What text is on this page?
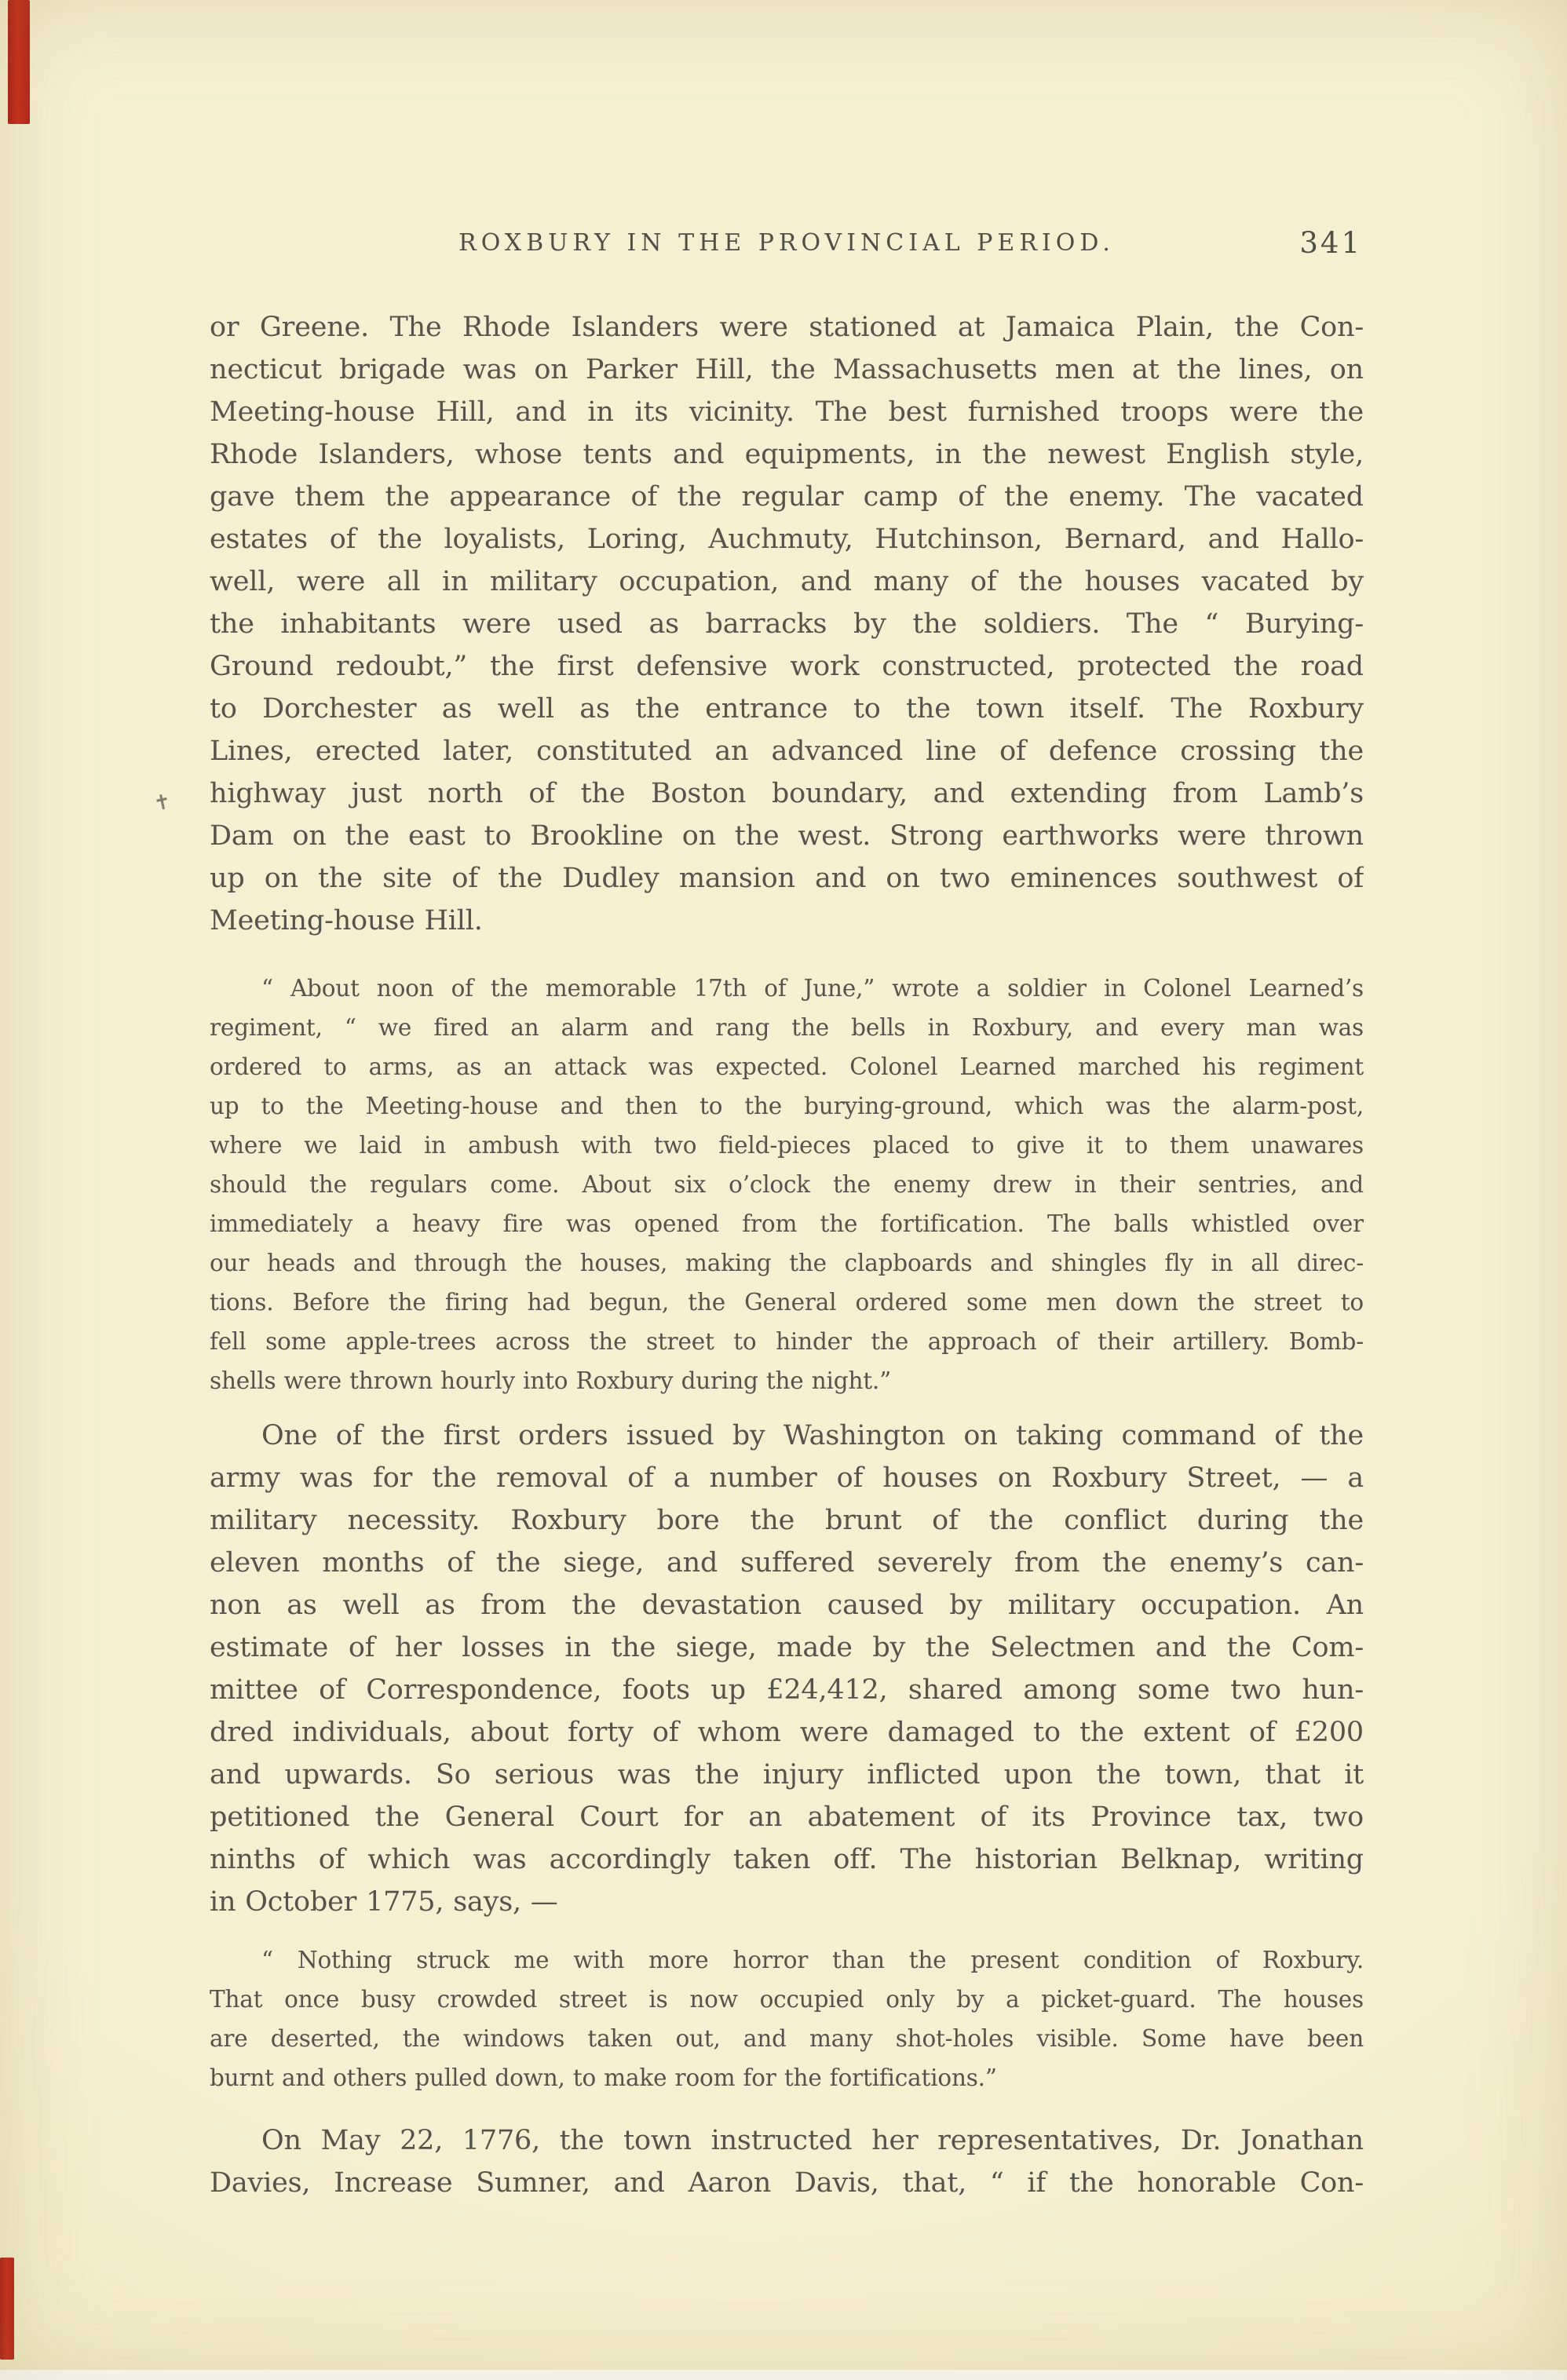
✝
ROXBURY IN THE PROVINCIAL PERIOD.	341
or Greene. The Rhode Islanders were stationed at Jamaica Plain, the Con-
necticut brigade was on Parker Hill, the Massachusetts men at the lines, on
Meeting-house Hill, and in its vicinity. The best furnished troops were the
Rhode Islanders, whose tents and equipments, in the newest English style,
gave them the appearance of the regular camp of the enemy. The vacated
estates of the loyalists, Loring, Auchmuty, Hutchinson, Bernard, and Hallo-
well, were all in military occupation, and many of the houses vacated by
the inhabitants were used as barracks by the soldiers. The “ Burying-
Ground redoubt,” the first defensive work constructed, protected the road
to Dorchester as well as the entrance to the town itself. The Roxbury
Lines, erected later, constituted an advanced line of defence crossing the
highway just north of the Boston boundary, and extending from Lamb’s
Dam on the east to Brookline on the west. Strong earthworks were thrown
up on the site of the Dudley mansion and on two eminences southwest of
Meeting-house Hill.
“ About noon of the memorable 17th of June,” wrote a soldier in Colonel Learned’s
regiment, “ we fired an alarm and rang the bells in Roxbury, and every man was
ordered to arms, as an attack was expected. Colonel Learned marched his regiment
up to the Meeting-house and then to the burying-ground, which was the alarm-post,
where we laid in ambush with two field-pieces placed to give it to them unawares
should the regulars come. About six o’clock the enemy drew in their sentries, and
immediately a heavy fire was opened from the fortification. The balls whistled over
our heads and through the houses, making the clapboards and shingles fly in all direc-
tions. Before the firing had begun, the General ordered some men down the street to
fell some apple-trees across the street to hinder the approach of their artillery. Bomb-
shells were thrown hourly into Roxbury during the night.”
One of the first orders issued by Washington on taking command of the
army was for the removal of a number of houses on Roxbury Street, — a
military necessity. Roxbury bore the brunt of the conflict during the
eleven months of the siege, and suffered severely from the enemy’s can-
non as well as from the devastation caused by military occupation. An
estimate of her losses in the siege, made by the Selectmen and the Com-
mittee of Correspondence, foots up £24,412, shared among some two hun-
dred individuals, about forty of whom were damaged to the extent of £200
and upwards. So serious was the injury inflicted upon the town, that it
petitioned the General Court for an abatement of its Province tax, two
ninths of which was accordingly taken off. The historian Belknap, writing
in October 1775, says, —
“ Nothing struck me with more horror than the present condition of Roxbury.
That once busy crowded street is now occupied only by a picket-guard. The houses
are deserted, the windows taken out, and many shot-holes visible. Some have been
burnt and others pulled down, to make room for the fortifications.”
On May 22, 1776, the town instructed her representatives, Dr. Jonathan
Davies, Increase Sumner, and Aaron Davis, that, “ if the honorable Con-
